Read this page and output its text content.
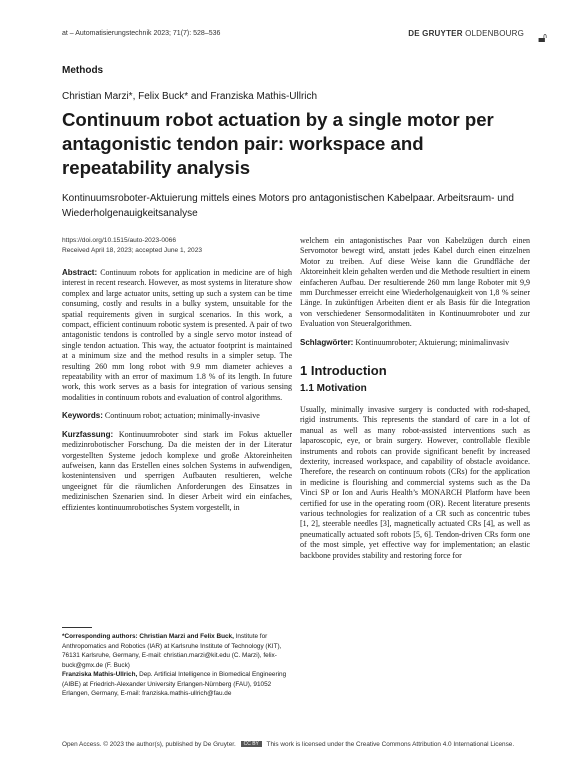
at – Automatisierungstechnik 2023; 71(7): 528–536	DE GRUYTER OLDENBOURG 🔓︎
Methods
Christian Marzi*, Felix Buck* and Franziska Mathis-Ullrich
Continuum robot actuation by a single motor per antagonistic tendon pair: workspace and repeatability analysis

Kontinuumsroboter-Aktuierung mittels eines Motors pro antagonistischen Kabelpaar. Arbeitsraum- und Wiederholgenauigkeitsanalyse

https://doi.org/10.1515/auto-2023-0066
Received April 18, 2023; accepted June 1, 2023

Abstract: Continuum robots for application in medicine are of high interest in recent research. However, as most systems in literature show complex and large actuator units, setting up such a system can be time consuming, costly and results in a bulky system, unsuitable for the spatial requirements given in surgical scenarios. In this work, a compact, efficient continuum robotic system is presented. A pair of two antagonistic tendons is controlled by a single servo motor instead of single tendon actuation. This way, the actuator footprint is maintained at a minimum size and the method results in a simpler setup. The resulting 260 mm long robot with 9.9 mm diameter achieves a repeatability with an error of maximum 1.8 % of its length. In future work, this work serves as a basis for integration of various sensing modalities in continuum robots and evaluation of control algorithms.

Keywords: Continuum robot; actuation; minimally-invasive

Kurzfassung: Kontinuumroboter sind stark im Fokus aktueller medizinrobotischer Forschung. Da die meisten der in der Literatur vorgestellten Systeme jedoch komplexe und große Aktoreinheiten aufweisen, kann das Erstellen eines solchen Systems in aufwendigen, kostenintensiven und sperrigen Aufbauten resultieren, welche ungeeignet für die räumlichen Anforderungen des Einsatzes in medizinischen Szenarien sind. In dieser Arbeit wird ein einfaches, effizientes kontinuumrobotisches System vorgestellt, in

*Corresponding authors: Christian Marzi and Felix Buck, Institute for Anthropomatics and Robotics (IAR) at Karlsruhe Institute of Technology (KIT), 76131 Karlsruhe, Germany, E-mail: christian.marzi@kit.edu (C. Marzi), felix-buck@gmx.de (F. Buck)
Franziska Mathis-Ullrich, Dep. Artificial Intelligence in Biomedical Engineering (AIBE) at Friedrich-Alexander University Erlangen-Nürnberg (FAU), 91052 Erlangen, Germany, E-mail: franziska.mathis-ullrich@fau.de

welchem ein antagonistisches Paar von Kabelzügen durch einen Servomotor bewegt wird, anstatt jedes Kabel durch einen einzelnen Motor zu treiben. Auf diese Weise kann die Grundfläche der Aktoreinheit klein gehalten werden und die Methode resultiert in einem einfacheren Aufbau. Der resultierende 260 mm lange Roboter mit 9,9 mm Durchmesser erreicht eine Wiederholgenauigkeit von 1,8 % seiner Länge. In zukünftigen Arbeiten dient er als Basis für die Integration von verschiedener Sensormodalitäten in Kontinuumroboter und zur Evaluation von Steueralgorithmen.

Schlagwörter: Kontinuumroboter; Aktuierung; minimalinvasiv

1 Introduction
1.1 Motivation

Usually, minimally invasive surgery is conducted with rod-shaped, rigid instruments. This represents the standard of care in a lot of manual as well as many robot-assisted interventions such as laparoscopic, eye, or brain surgery. However, controllable flexible instruments and robots can provide significant benefit by increased dexterity, increased workspace, and capability of obstacle avoidance. Therefore, the research on continuum robots (CRs) for the application in medicine is flourishing and commercial systems such as the Da Vinci SP or Ion and Auris Health’s MONARCH Platform have been certified for use in the operating room (OR). Recent literature presents various technologies for realization of a CR such as concentric tubes [1, 2], steerable needles [3], magnetically actuated CRs [4], as well as pneumatically actuated soft robots [5, 6]. Tendon-driven CRs form one of the most simple, yet effective way for implementation; an elastic backbone provides stability and restoring force for

Open Access. © 2023 the author(s), published by De Gruyter. CC BY This work is licensed under the Creative Commons Attribution 4.0 International License.
